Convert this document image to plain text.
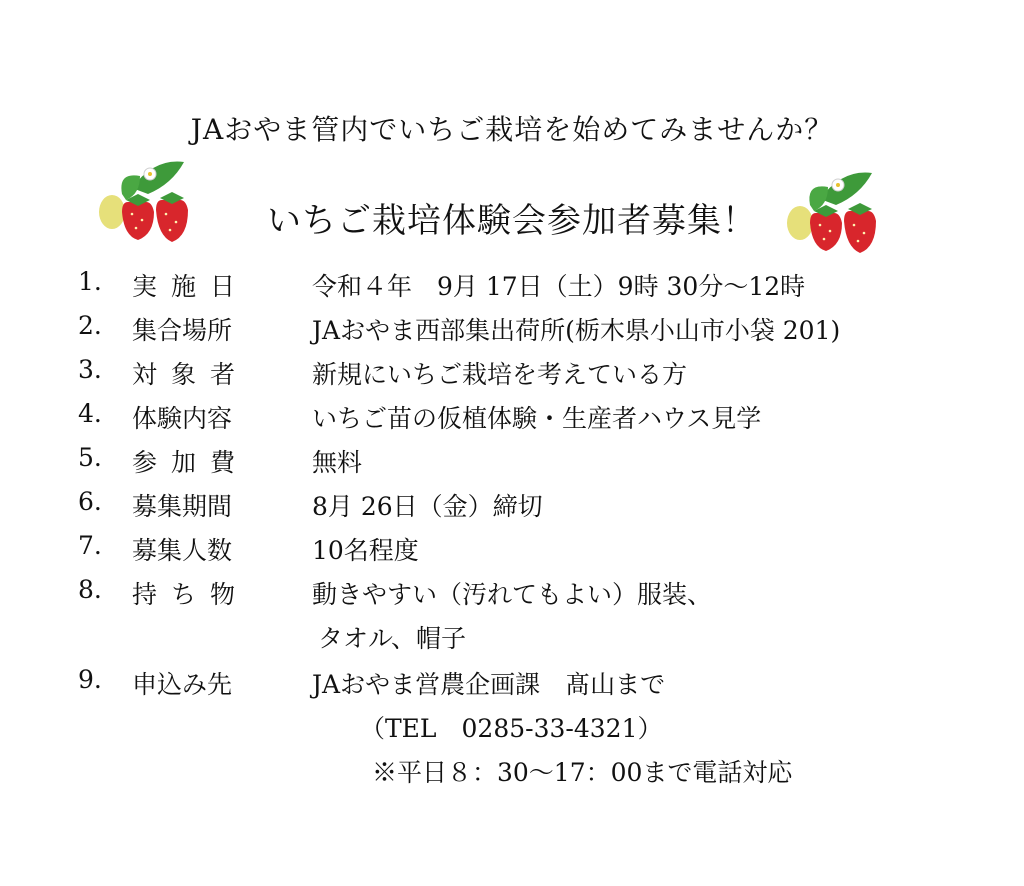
JAおやま管内でいちご栽培を始めてみませんか？
いちご栽培体験会参加者募集！
1. 実施日	令和４年　9月 17日（土）9時 30分～12時
2. 集合場所	JAおやま西部集出荷所(栃木県小山市小袋 201)
3. 対象者	新規にいちご栽培を考えている方
4. 体験内容	いちご苗の仮植体験・生産者ハウス見学
5. 参加費	無料
6. 募集期間	8月 26日（金）締切
7. 募集人数	10名程度
8. 持ち物	動きやすい（汚れてもよい）服装、
タオル、帽子
9. 申込み先	JAおやま営農企画課　髙山まで
（TEL　0285-33-4321）
※平日８：30～17：00まで電話対応
